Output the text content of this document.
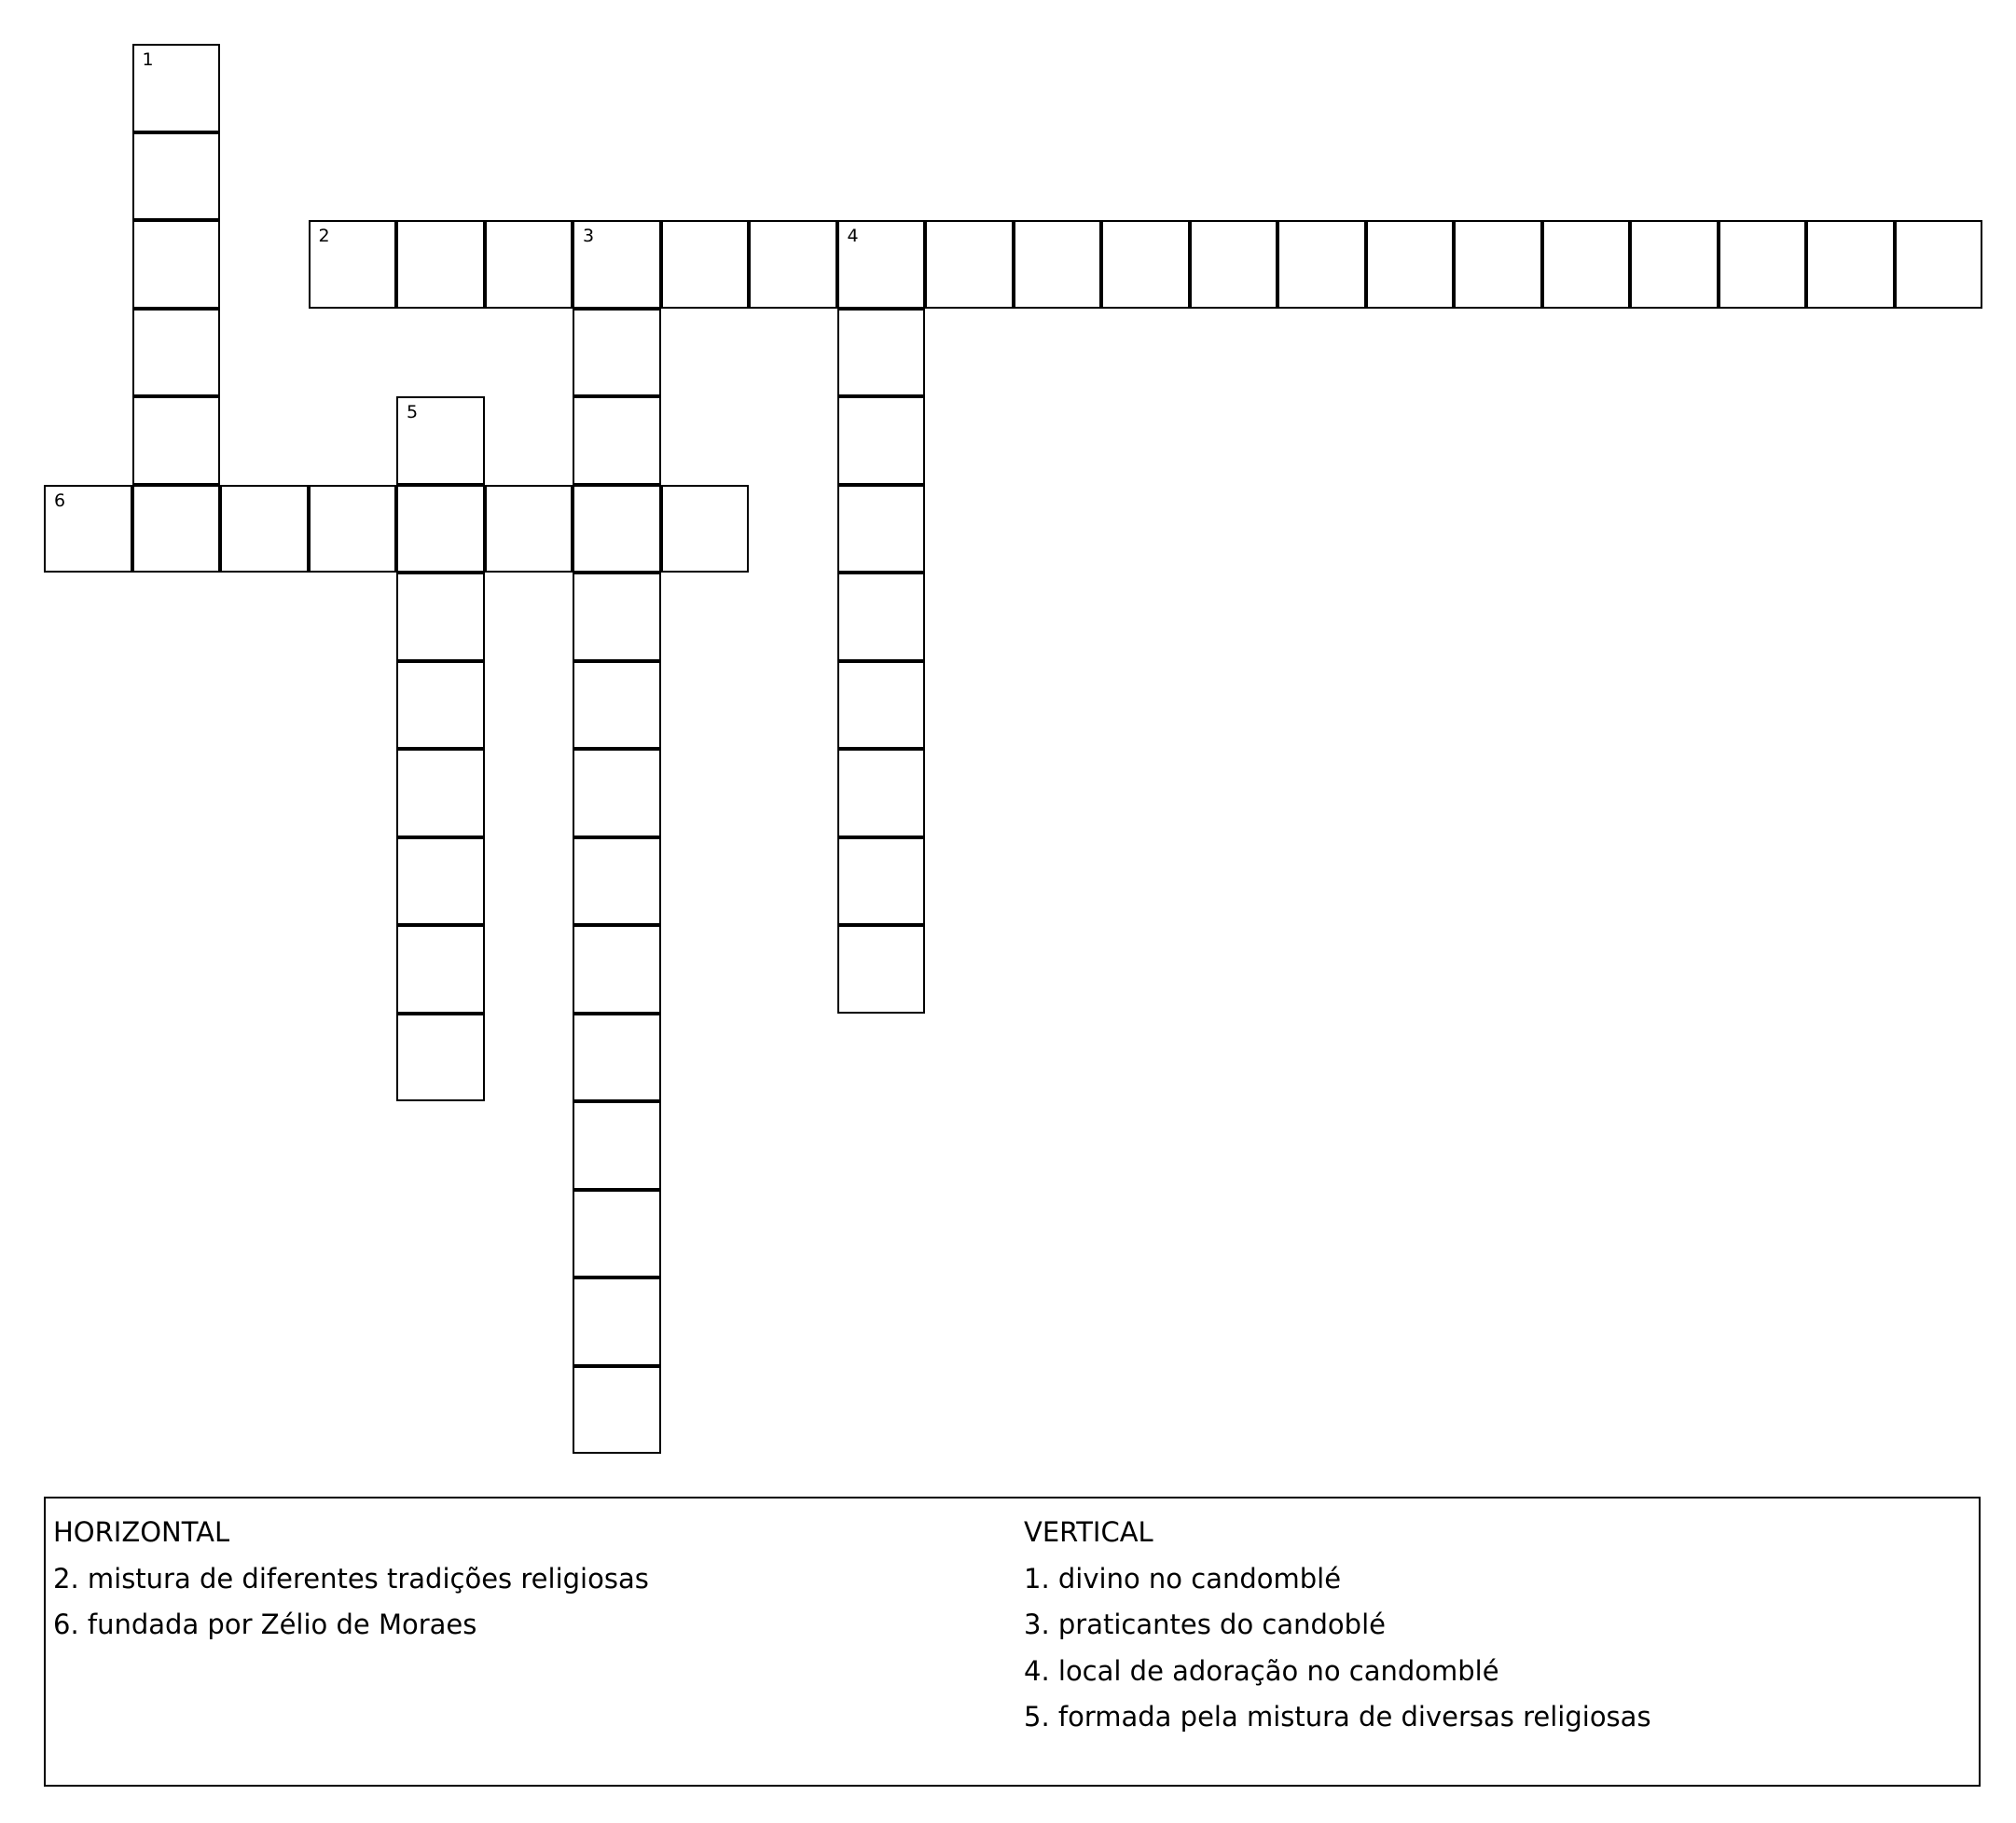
1
2	3	4
5
6
HORIZONTAL
2. mistura de diferentes tradições religiosas
6. fundada por Zélio de Moraes
VERTICAL
1. divino no candomblé
3. praticantes do candoblé
4. local de adoração no candomblé
5. formada pela mistura de diversas religiosas
